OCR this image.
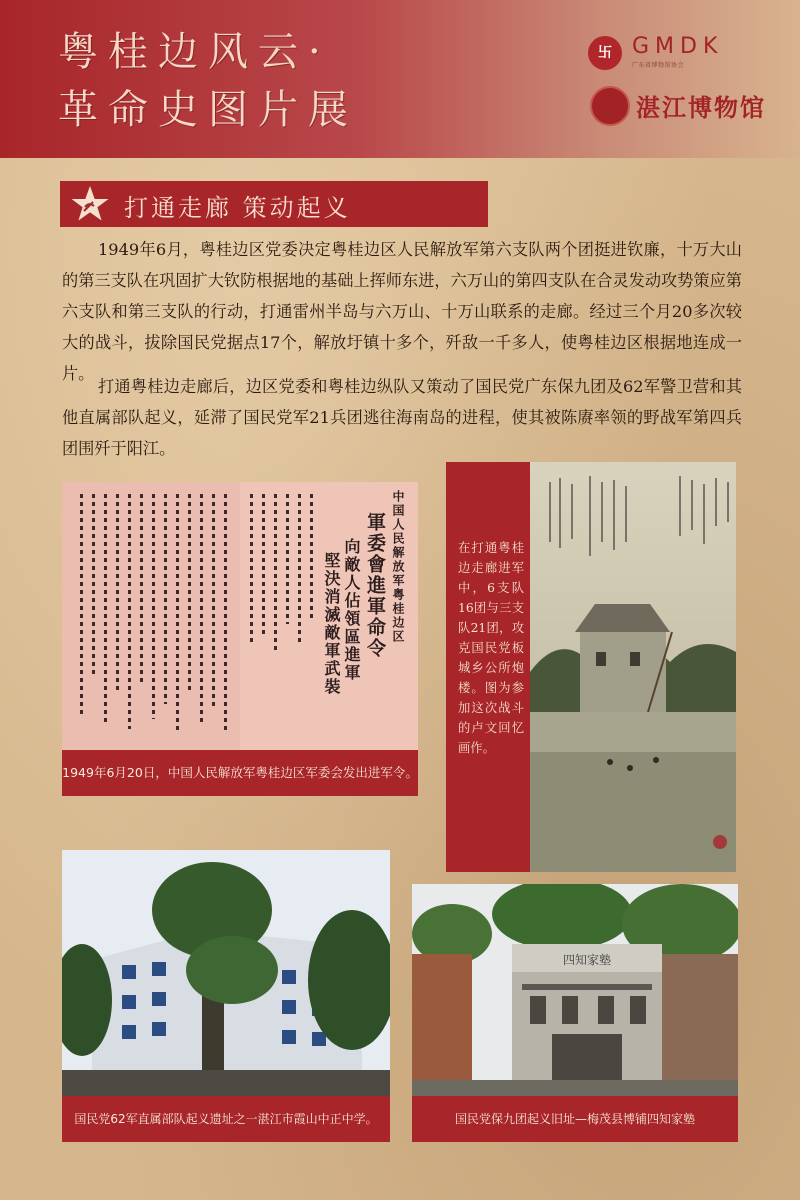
粤桂边风云·
革命史图片展
卐 GMDK
广东省博物馆协会
湛江博物馆
打通走廊 策动起义
1949年6月，粤桂边区党委决定粤桂边区人民解放军第六支队两个团挺进钦廉，十万大山的第三支队在巩固扩大钦防根据地的基础上挥师东进，六万山的第四支队在合灵发动攻势策应第六支队和第三支队的行动，打通雷州半岛与六万山、十万山联系的走廊。经过三个月20多次较大的战斗，拔除国民党据点17个，解放圩镇十多个，歼敌一千多人，使粤桂边区根据地连成一片。
打通粤桂边走廊后，边区党委和粤桂边纵队又策动了国民党广东保九团及62军警卫营和其他直属部队起义，延滞了国民党军21兵团逃往海南岛的进程，使其被陈赓率领的野战军第四兵团围歼于阳江。
堅決消滅敵軍武裝 向敵人佔領區進軍 軍委會進軍命令 中国人民解放军粤桂边区
1949年6月20日，中国人民解放军粤桂边区军委会发出进军令。
在打通粤桂边走廊进军中，6支队16团与三支队21团，攻克国民党板城乡公所炮楼。图为参加这次战斗的卢文回忆画作。
国民党62军直属部队起义遗址之一湛江市霞山中正中学。
四知家塾
国民党保九团起义旧址—梅茂县博铺四知家塾
